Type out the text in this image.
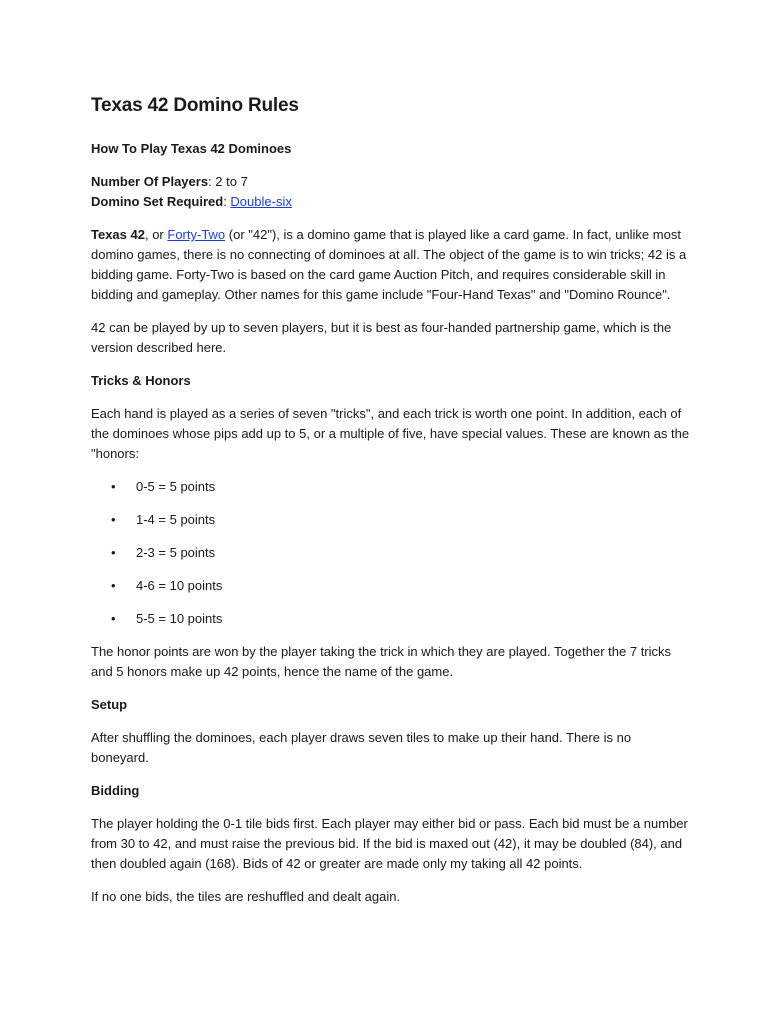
Texas 42 Domino Rules

How To Play Texas 42 Dominoes

Number Of Players: 2 to 7

Domino Set Required: Double-six

Texas 42, or Forty-Two (or "42"), is a domino game that is played like a card game. In fact, unlike most domino games, there is no connecting of dominoes at all. The object of the game is to win tricks; 42 is a bidding game. Forty-Two is based on the card game Auction Pitch, and requires considerable skill in bidding and gameplay. Other names for this game include "Four-Hand Texas" and "Domino Rounce".

42 can be played by up to seven players, but it is best as four-handed partnership game, which is the version described here.

Tricks & Honors

Each hand is played as a series of seven "tricks", and each trick is worth one point. In addition, each of the dominoes whose pips add up to 5, or a multiple of five, have special values. These are known as the "honors:

• 0-5 = 5 points
• 1-4 = 5 points
• 2-3 = 5 points
• 4-6 = 10 points
• 5-5 = 10 points

The honor points are won by the player taking the trick in which they are played. Together the 7 tricks and 5 honors make up 42 points, hence the name of the game.

Setup

After shuffling the dominoes, each player draws seven tiles to make up their hand. There is no boneyard.

Bidding

The player holding the 0-1 tile bids first. Each player may either bid or pass. Each bid must be a number from 30 to 42, and must raise the previous bid. If the bid is maxed out (42), it may be doubled (84), and then doubled again (168). Bids of 42 or greater are made only my taking all 42 points.

If no one bids, the tiles are reshuffled and dealt again.
